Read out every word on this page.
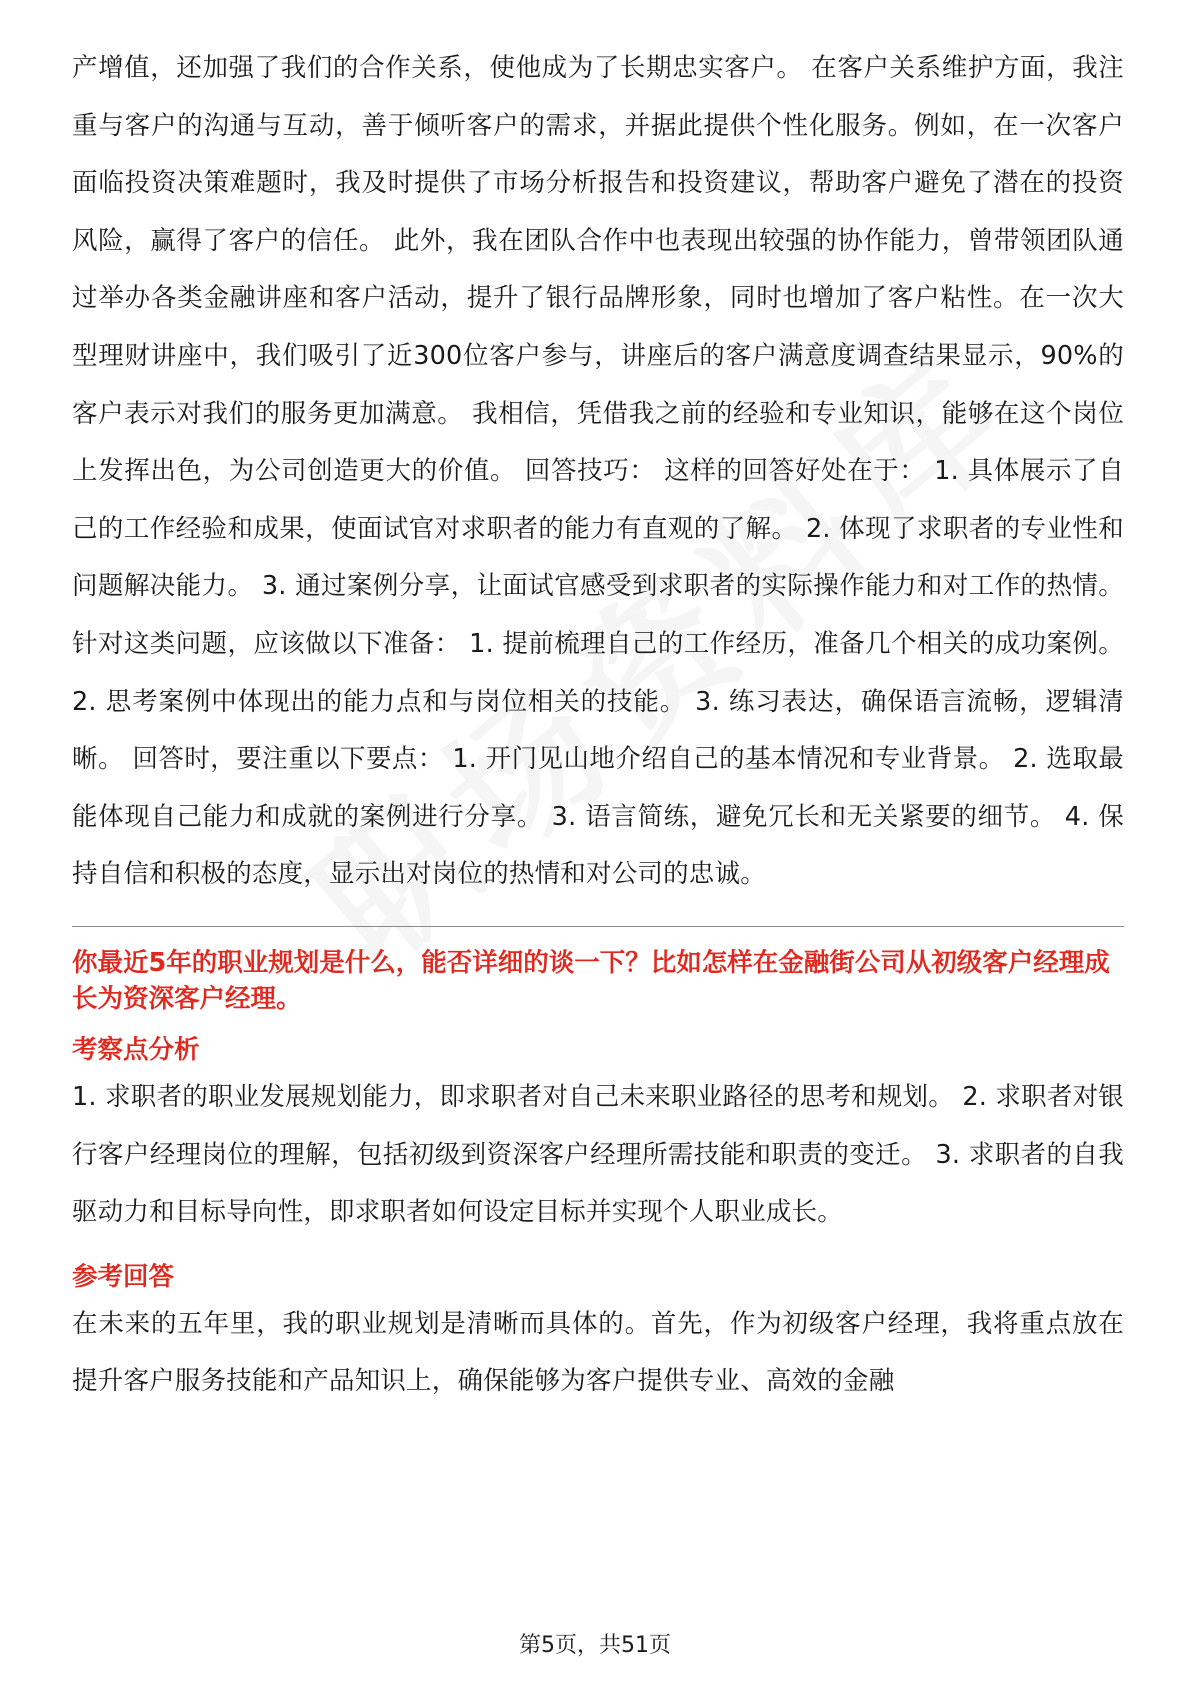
产增值，还加强了我们的合作关系，使他成为了长期忠实客户。 在客户关系维护方面，我注重与客户的沟通与互动，善于倾听客户的需求，并据此提供个性化服务。例如，在一次客户面临投资决策难题时，我及时提供了市场分析报告和投资建议，帮助客户避免了潜在的投资风险，赢得了客户的信任。 此外，我在团队合作中也表现出较强的协作能力，曾带领团队通过举办各类金融讲座和客户活动，提升了银行品牌形象，同时也增加了客户粘性。在一次大型理财讲座中，我们吸引了近300位客户参与，讲座后的客户满意度调查结果显示，90%的客户表示对我们的服务更加满意。 我相信，凭借我之前的经验和专业知识，能够在这个岗位上发挥出色，为公司创造更大的价值。 回答技巧： 这样的回答好处在于： 1. 具体展示了自己的工作经验和成果，使面试官对求职者的能力有直观的了解。 2. 体现了求职者的专业性和问题解决能力。 3. 通过案例分享，让面试官感受到求职者的实际操作能力和对工作的热情。 针对这类问题，应该做以下准备： 1. 提前梳理自己的工作经历，准备几个相关的成功案例。 2. 思考案例中体现出的能力点和与岗位相关的技能。 3. 练习表达，确保语言流畅，逻辑清晰。 回答时，要注重以下要点： 1. 开门见山地介绍自己的基本情况和专业背景。 2. 选取最能体现自己能力和成就的案例进行分享。 3. 语言简练，避免冗长和无关紧要的细节。 4. 保持自信和积极的态度，显示出对岗位的热情和对公司的忠诚。

你最近5年的职业规划是什么，能否详细的谈一下？比如怎样在金融街公司从初级客户经理成长为资深客户经理。

考察点分析

1. 求职者的职业发展规划能力，即求职者对自己未来职业路径的思考和规划。 2. 求职者对银行客户经理岗位的理解，包括初级到资深客户经理所需技能和职责的变迁。 3. 求职者的自我驱动力和目标导向性，即求职者如何设定目标并实现个人职业成长。

参考回答

在未来的五年里，我的职业规划是清晰而具体的。首先，作为初级客户经理，我将重点放在提升客户服务技能和产品知识上，确保能够为客户提供专业、高效的金融

第5页，共51页
